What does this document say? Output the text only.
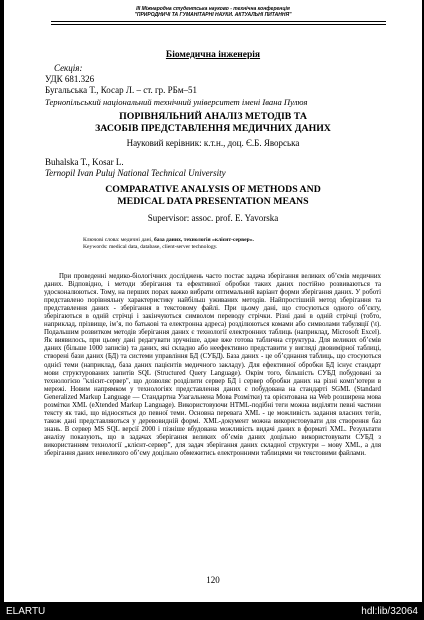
III Міжнародна студентська науково - технічна конференція
"ПРИРОДНИЧІ ТА ГУМАНІТАРНІ НАУКИ. АКТУАЛЬНІ ПИТАННЯ"
Біомедична інженерія
Секція:
УДК 681.326
Бугальська Т., Косар Л. – ст. гр. РБм–51
Тернопільський національний технічний університет імені Івана Пулюя
ПОРІВНЯЛЬНИЙ АНАЛІЗ МЕТОДІВ ТА
ЗАСОБІВ ПРЕДСТАВЛЕННЯ МЕДИЧНИХ ДАНИХ
Науковий керівник: к.т.н., доц. Є.Б. Яворська
Buhalska T., Kosar L.
Ternopil Ivan Puluj National Technical University
COMPARATIVE ANALYSIS OF METHODS AND
MEDICAL DATA PRESENTATION MEANS
Supervisor: assoc. prof. E. Yavorska
Ключові слова: медичні дані, база даних, технологія «клієнт-сервер».
Keywords: medical data, database, client-server technology.

При проведенні медико-біологічних досліджень часто постає задача зберігання великих об’ємів медичних даних. Відповідно, і методи зберігання та ефективної обробки таких даних постійно розвиваються та удосконалюються. Тому, на перших порах важко вибрати оптимальний варіант форми зберігання даних. У роботі представлено порівняльну характеристику найбільш уживаних методів. Найпростішиій метод зберігання та представлення даних - зберігання в текстовому файлі. При цьому дані, що стосуються одного об’єкту, зберігаються в одній стрічці і закінчуються символом переводу стрічки. Різні дані в одній стрічці (тобто, наприклад, прізвище, ім’я, по батькові та електронна адреса) розділюються комами або символами табуляції (\t). Подальшим розвитком методів зберігання даних є технології електронних таблиць (наприклад, Microsoft Excel). Як виявилось, при цьому дані редагувати зручніше, адже вже готова таблична структура. Для великих об’ємів даних (більше 1000 записів) та даних, які складно або неефективно представити у вигляді двовимірної таблиці, створені бази даних (БД) та системи управління БД (СУБД). База даних - це об’єднання таблиць, що стосуються однієї теми (наприклад, база даних пацієнтів медичного закладу). Для ефективної обробки БД існує стандарт мови структурованих запитів SQL (Structured Query Language). Окрім того, більшість СУБД побудовані за технологією "клієнт-сервер", що дозволяє розділити сервер БД і сервер обробки даних на різні комп’ютери в мережі. Новим напрямком у технологіях представлення даних є побудована на стандарті SGML (Standard Generalized Markup Language — Стандартна Узагальнена Мова Розмітки) та орієнтована на Web розширена мова розмітки XML (eXtended Markup Language). Використовуючи HTML-подібні теги можна виділяти певні частини тексту як такі, що відносяться до певної теми. Основна перевага XML - це можливість задання власних тегів, також дані представляються у деревовидній формі. XML-документ можна використовувати для створення баз знань. В сервер MS SQL версії 2000 і пізніше вбудована можливість видачі даних в форматі XML. Результати аналізу показують, що в задачах зберігання великих об’ємів даних доцільно використовувати СУБД з використанням технології „клієнт-сервер”, для задач зберігання даних складної структури – мову XML, а для зберігання даних невеликого об’єму доцільно обмежитись електронними таблицями чи текстовими файлами.

120
ELARTU	hdl:lib/32064
